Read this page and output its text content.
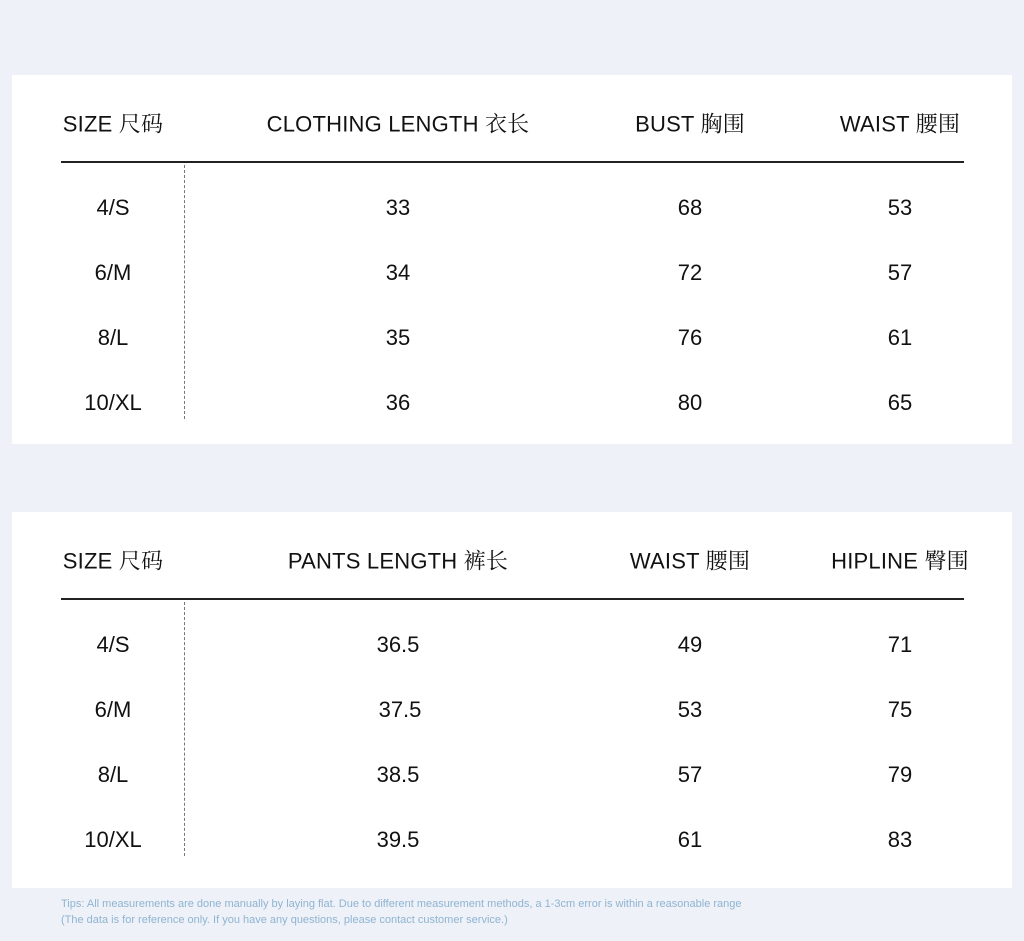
SIZE 尺码	CLOTHING LENGTH 衣长	BUST 胸围	WAIST 腰围
4/S	33	68	53
6/M	34	72	57
8/L	35	76	61
10/XL	36	80	65
SIZE 尺码	PANTS LENGTH 裤长	WAIST 腰围	HIPLINE 臀围
4/S	36.5	49	71
6/M	37.5	53	75
8/L	38.5	57	79
10/XL	39.5	61	83
Tips: All measurements are done manually by laying flat. Due to different measurement methods, a 1-3cm error is within a reasonable range
(The data is for reference only. If you have any questions, please contact customer service.)
